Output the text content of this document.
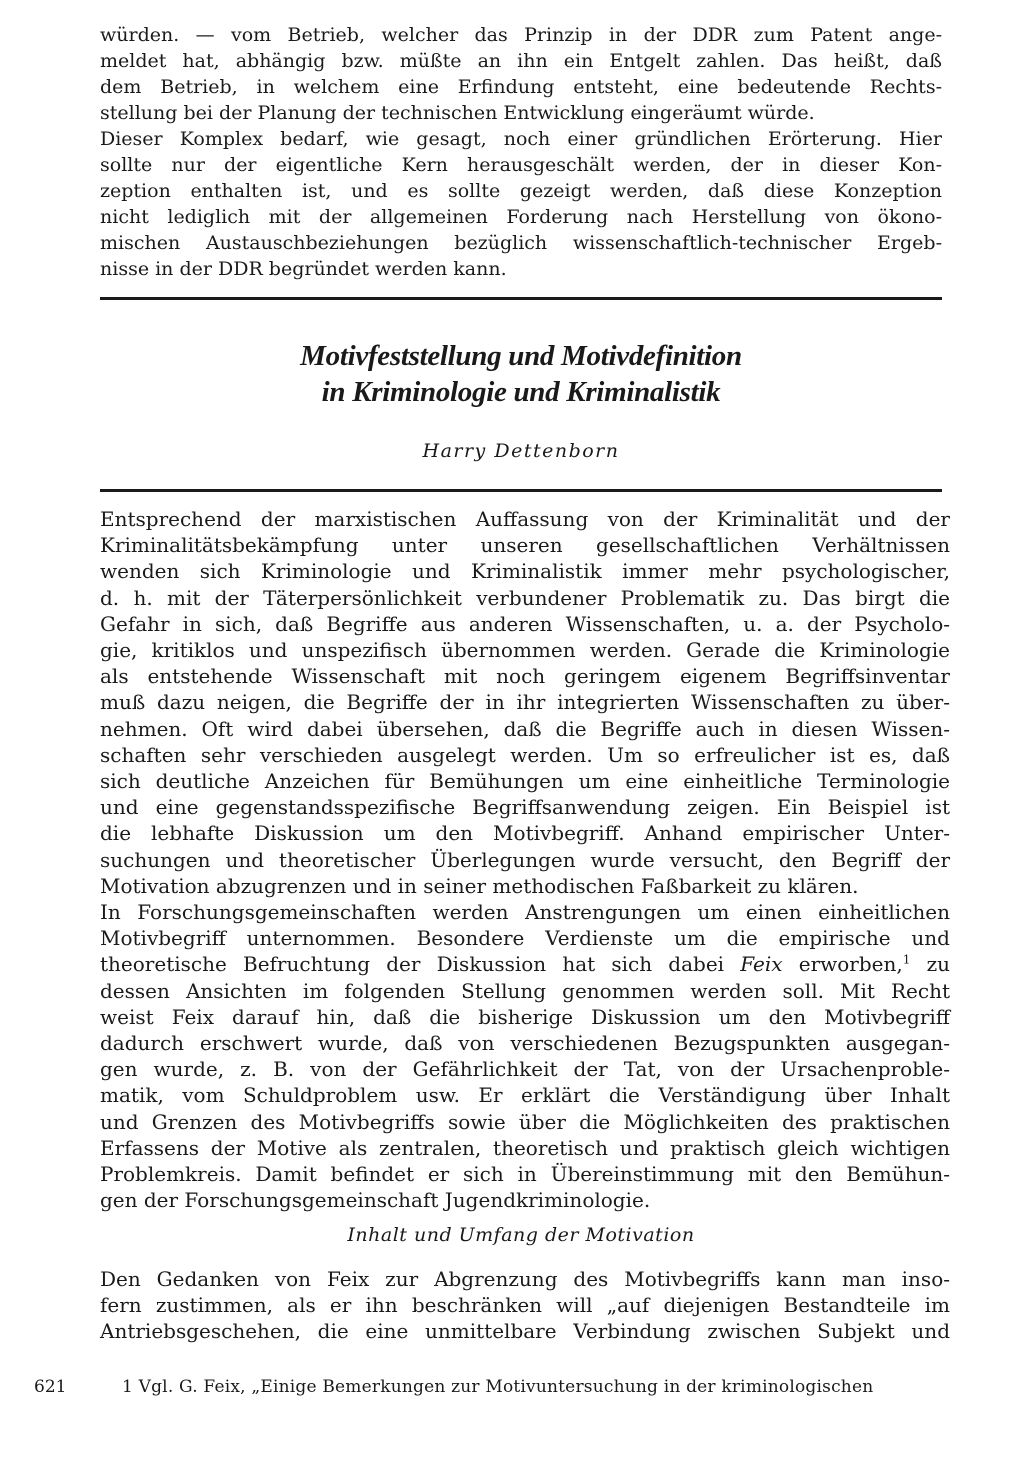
würden. — vom Betrieb, welcher das Prinzip in der DDR zum Patent ange-
meldet hat, abhängig bzw. müßte an ihn ein Entgelt zahlen. Das heißt, daß
dem Betrieb, in welchem eine Erfindung entsteht, eine bedeutende Rechts-
stellung bei der Planung der technischen Entwicklung eingeräumt würde.
Dieser Komplex bedarf, wie gesagt, noch einer gründlichen Erörterung. Hier
sollte nur der eigentliche Kern herausgeschält werden, der in dieser Kon-
zeption enthalten ist, und es sollte gezeigt werden, daß diese Konzeption
nicht lediglich mit der allgemeinen Forderung nach Herstellung von ökono-
mischen Austauschbeziehungen bezüglich wissenschaftlich-technischer Ergeb-
nisse in der DDR begründet werden kann.
Motivfeststellung und Motivdefinition
in Kriminologie und Kriminalistik
Harry Dettenborn
Entsprechend der marxistischen Auffassung von der Kriminalität und der
Kriminalitätsbekämpfung unter unseren gesellschaftlichen Verhältnissen
wenden sich Kriminologie und Kriminalistik immer mehr psychologischer,
d. h. mit der Täterpersönlichkeit verbundener Problematik zu. Das birgt die
Gefahr in sich, daß Begriffe aus anderen Wissenschaften, u. a. der Psycholo-
gie, kritiklos und unspezifisch übernommen werden. Gerade die Kriminologie
als entstehende Wissenschaft mit noch geringem eigenem Begriffsinventar
muß dazu neigen, die Begriffe der in ihr integrierten Wissenschaften zu über-
nehmen. Oft wird dabei übersehen, daß die Begriffe auch in diesen Wissen-
schaften sehr verschieden ausgelegt werden. Um so erfreulicher ist es, daß
sich deutliche Anzeichen für Bemühungen um eine einheitliche Terminologie
und eine gegenstandsspezifische Begriffsanwendung zeigen. Ein Beispiel ist
die lebhafte Diskussion um den Motivbegriff. Anhand empirischer Unter-
suchungen und theoretischer Überlegungen wurde versucht, den Begriff der
Motivation abzugrenzen und in seiner methodischen Faßbarkeit zu klären.
In Forschungsgemeinschaften werden Anstrengungen um einen einheitlichen
Motivbegriff unternommen. Besondere Verdienste um die empirische und
theoretische Befruchtung der Diskussion hat sich dabei Feix erworben,$^1$ zu
dessen Ansichten im folgenden Stellung genommen werden soll. Mit Recht
weist Feix darauf hin, daß die bisherige Diskussion um den Motivbegriff
dadurch erschwert wurde, daß von verschiedenen Bezugspunkten ausgegan-
gen wurde, z. B. von der Gefährlichkeit der Tat, von der Ursachenproble-
matik, vom Schuldproblem usw. Er erklärt die Verständigung über Inhalt
und Grenzen des Motivbegriffs sowie über die Möglichkeiten des praktischen
Erfassens der Motive als zentralen, theoretisch und praktisch gleich wichtigen
Problemkreis. Damit befindet er sich in Übereinstimmung mit den Bemühun-
gen der Forschungsgemeinschaft Jugendkriminologie.
Inhalt und Umfang der Motivation
Den Gedanken von Feix zur Abgrenzung des Motivbegriffs kann man inso-
fern zustimmen, als er ihn beschränken will „auf diejenigen Bestandteile im
Antriebsgeschehen, die eine unmittelbare Verbindung zwischen Subjekt und
621	1 Vgl. G. Feix, „Einige Bemerkungen zur Motivuntersuchung in der kriminologischen
